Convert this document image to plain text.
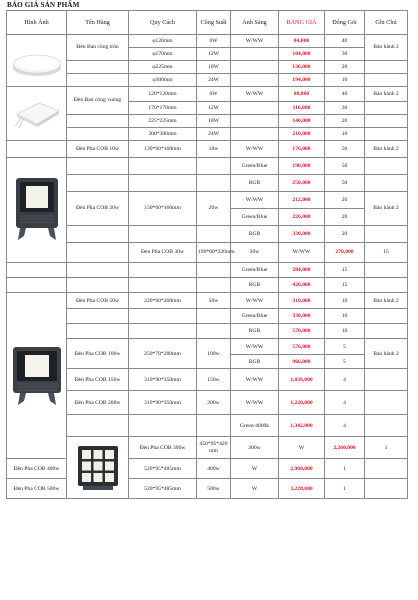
BÁO GIÁ SẢN PHẨM
Hình Ảnh	Tên Hàng	Quy Cách	Công Suất	Ánh Sáng	BẢNG GIÁ	Đóng Gói	Ghi Chú	

	Đèn Ban công tròn	φ120mm	6W	W/WW	84,000	40	Bảo hành 2	
		φ170mm	12W		104,000	30		
		φ225mm	18W		136,000	20		
		φ300mm	24W		194,000	10		

	Đèn Ban công vuông	120*120mm	6W	W/WW	88,000	40	Bảo hành 2	
		170*170mm	12W		116,000	30		
		225*225mm	18W		140,000	20		
		300*300mm	24W		210,000	10		
	Đèn Pha COB 10w	130*60*160mm	10w	W/WW	176,000	50	Bảo hành 2	

				Green/Blue	190,000	50		
				RGB	250,000	50		
	Đèn Pha COB 20w	150*60*160mm	20w	W/WW	212,000	20	Bảo hành 2	
				Green/Blue	226,000	20		
				RGB	330,000	20		
		Đèn Pha COB 30w	190*60*220mm	30w	W/WW	270,000	15	
				Green/Blue	284,000	15		
				RGB	426,000	15		

	Đèn Pha COB 50w	220*60*260mm	50w	W/WW	310,000	10	Bảo hành 2	
				Green/Blue	330,000	10		
				RGB	570,000	10		
	Đèn Pha COB 100w	250*70*280mm	100w	W/WW	576,000	5	Bảo hành 2	
				RGB	966,000	5		
	Đèn Pha COB 150w	310*90*350mm	150w	W/WW	1,036,000	4		
	Đèn Pha COB 200w	310*90*350mm	200w	W/WW	1,220,000	4		
				Green/4000k	1,342,000	4		

	Đèn Pha COB 300w	450*95*420 mm	300w	W	2,260,000	1	
Đèn Pha COB 400w		520*95*485mm	400w	W	2,960,000	1		
Đèn Pha COB 500w		520*95*485mm	500w	W	3,220,000	1		
